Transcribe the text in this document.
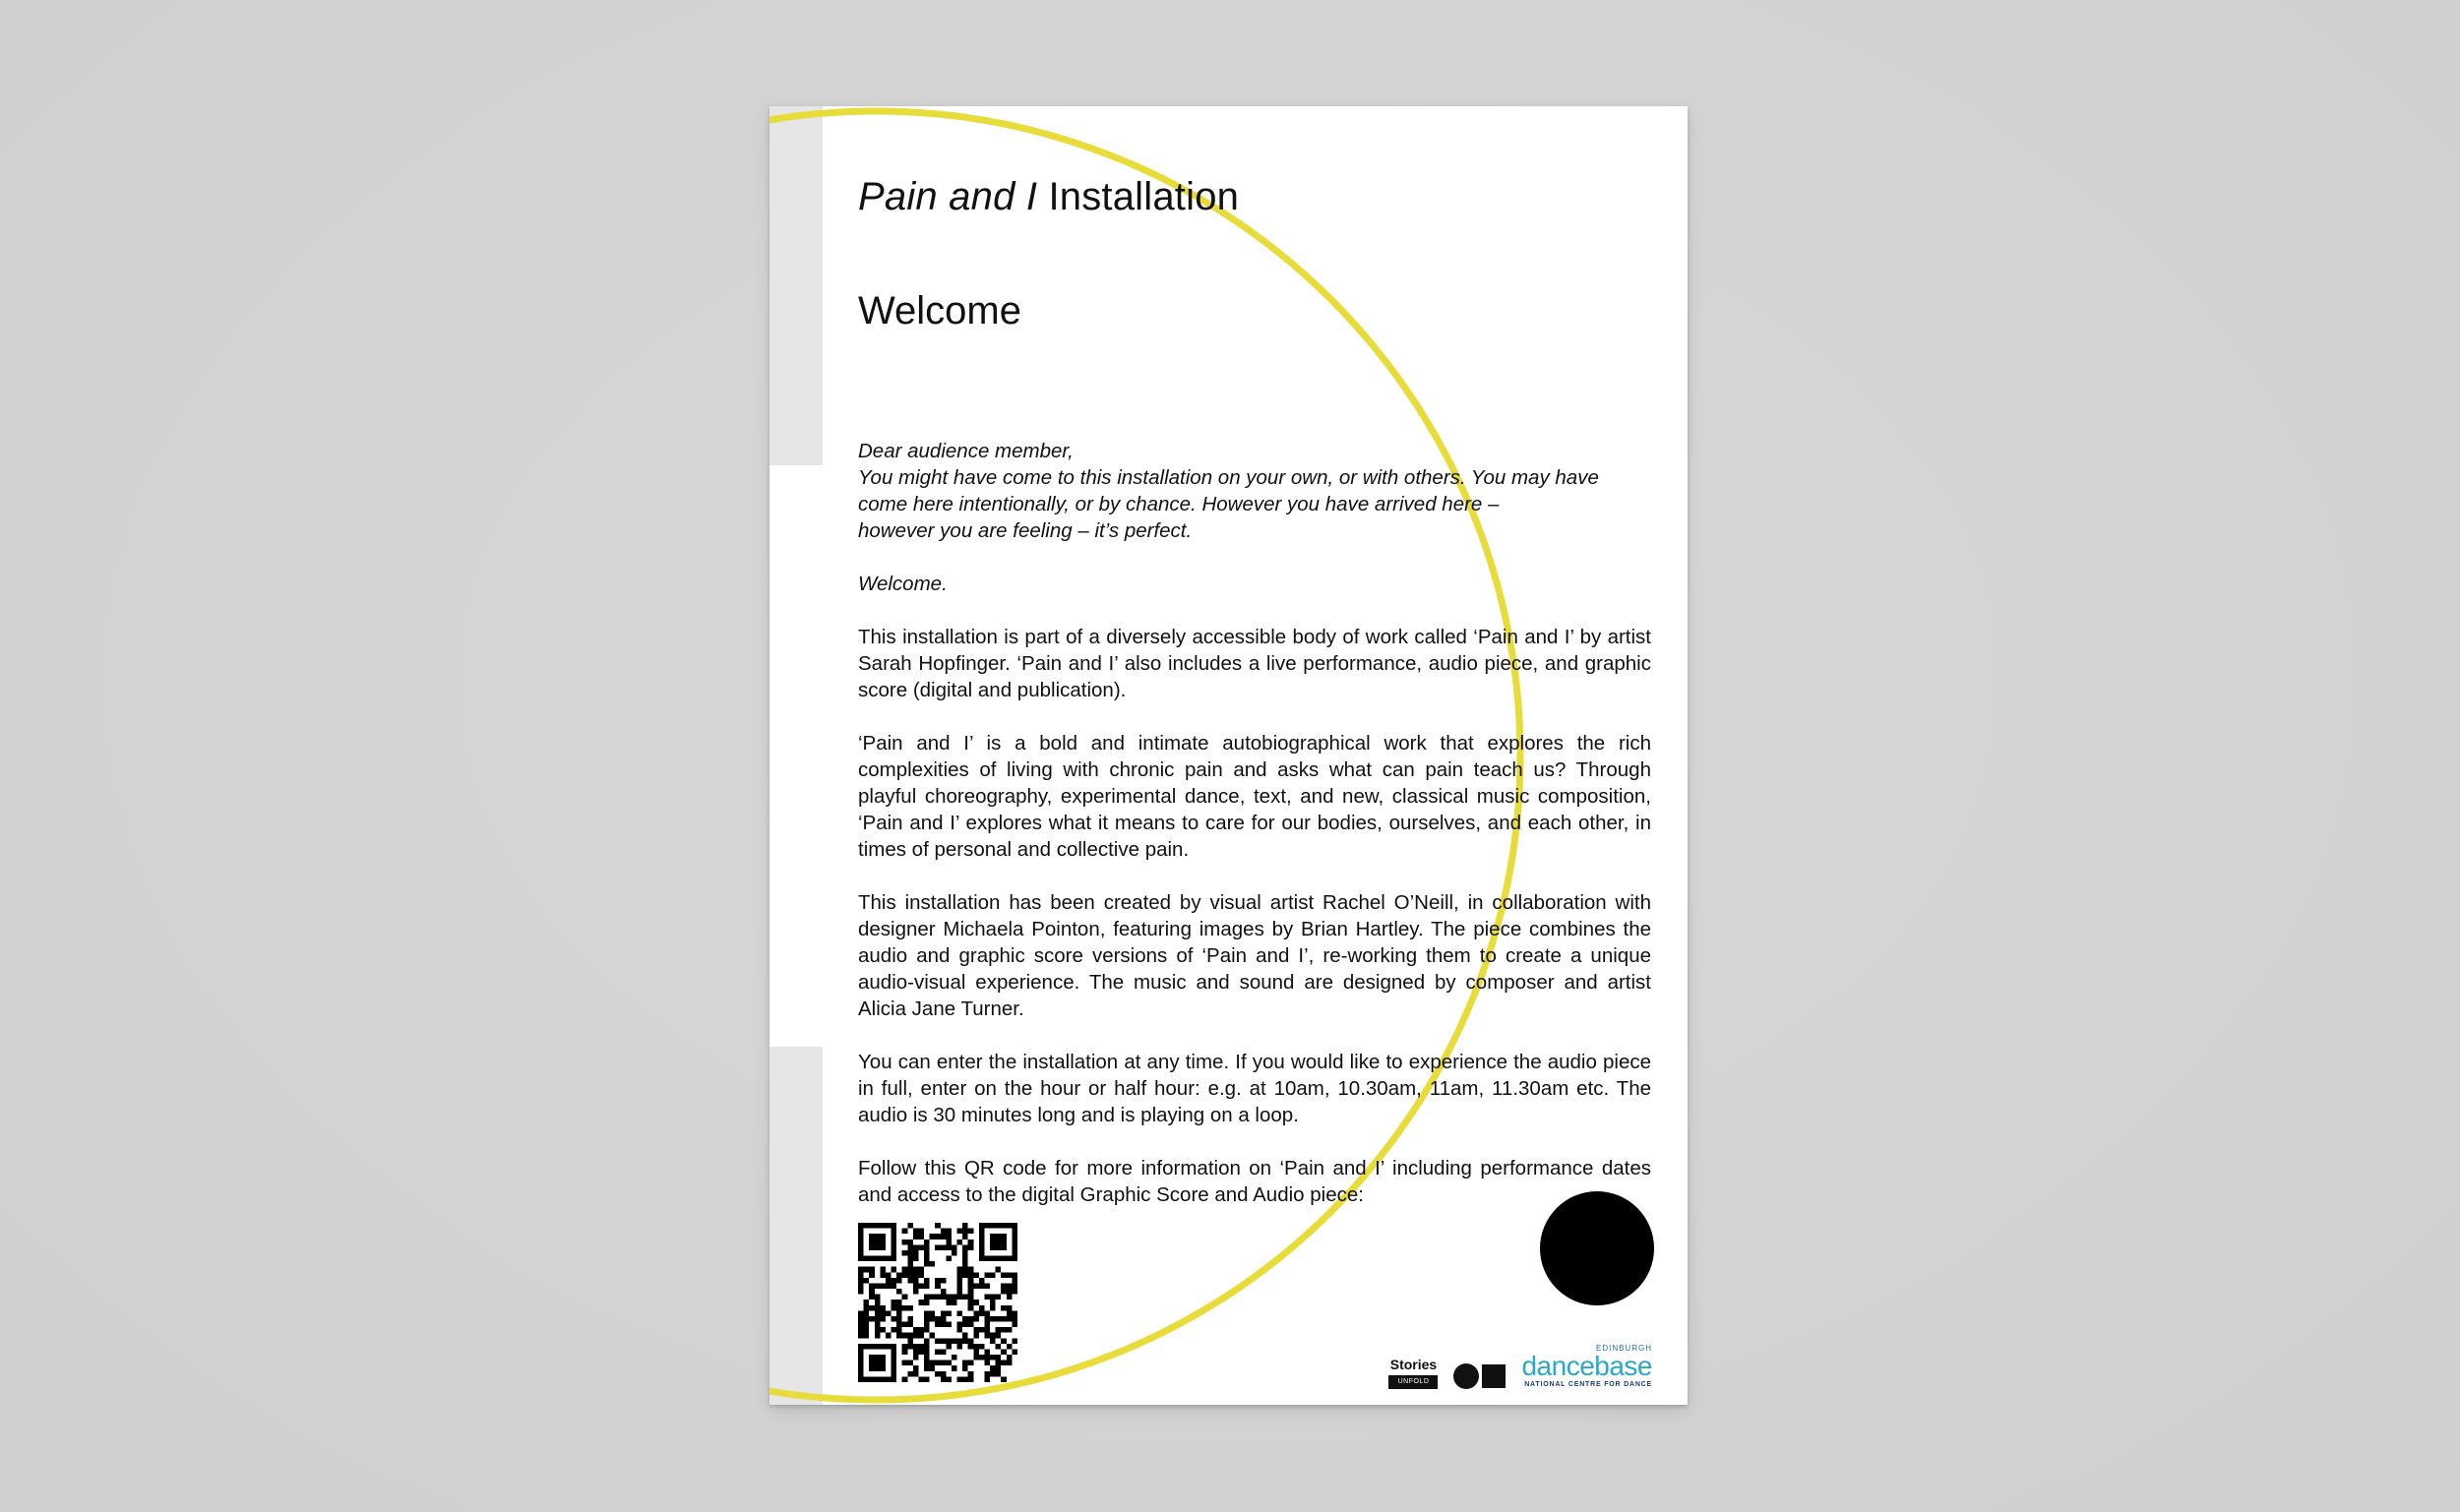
Pain and I Installation
Welcome

Dear audience member,
You might have come to this installation on your own, or with others. You may have
come here intentionally, or by chance. However you have arrived here –
however you are feeling – it’s perfect.

Welcome.

This installation is part of a diversely accessible body of work called ‘Pain and I’ by artist Sarah Hopfinger. ‘Pain and I’ also includes a live performance, audio piece, and graphic score (digital and publication).

‘Pain and I’ is a bold and intimate autobiographical work that explores the rich complexities of living with chronic pain and asks what can pain teach us? Through playful choreography, experimental dance, text, and new, classical music composition, ‘Pain and I’ explores what it means to care for our bodies, ourselves, and each other, in times of personal and collective pain.

This installation has been created by visual artist Rachel O’Neill, in collaboration with designer Michaela Pointon, featuring images by Brian Hartley. The piece combines the audio and graphic score versions of ‘Pain and I’, re-working them to create a unique audio-visual experience. The music and sound are designed by composer and artist Alicia Jane Turner.

You can enter the installation at any time. If you would like to experience the audio piece in full, enter on the hour or half hour: e.g. at 10am, 10.30am, 11am, 11.30am etc. The audio is 30 minutes long and is playing on a loop.

Follow this QR code for more information on ‘Pain and I’ including performance dates and access to the digital Graphic Score and Audio piece:

Stories
UNFOLD
EDINBURGH
dancebase
NATIONAL CENTRE FOR DANCE
